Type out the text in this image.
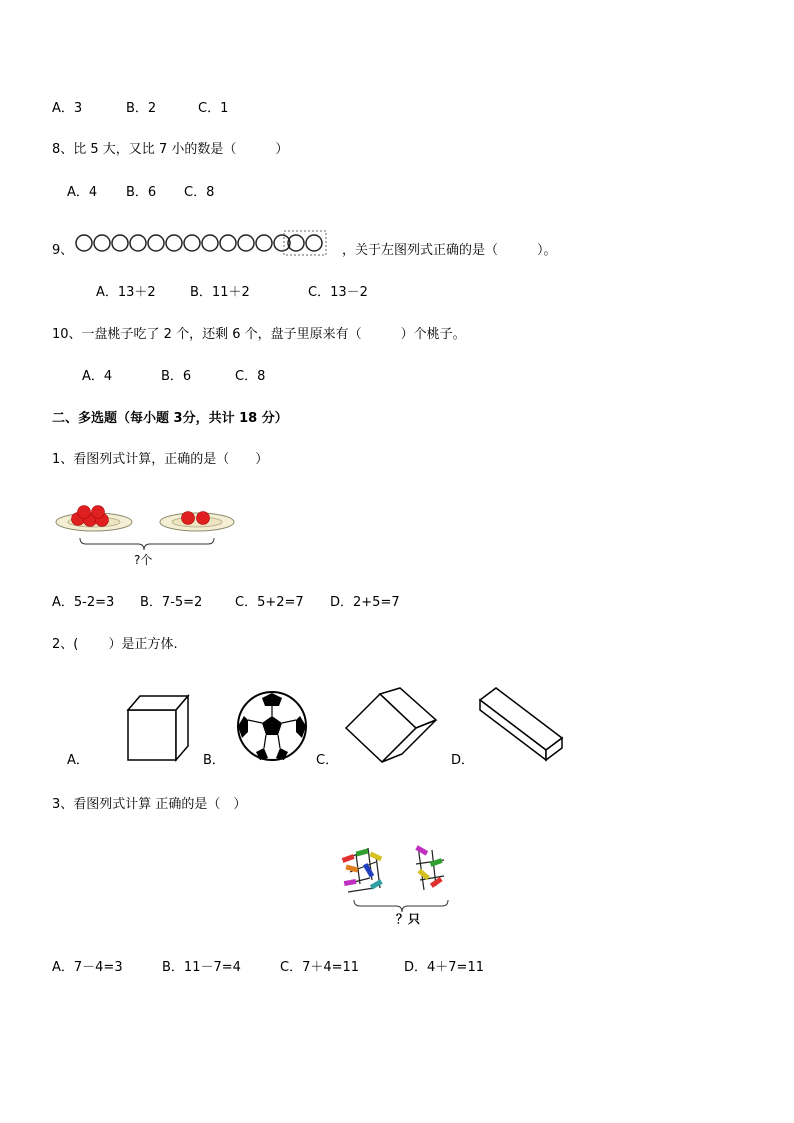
A．3	B．2	C．1
8、比 5 大，又比 7 小的数是（　　　）
A．4 B．6 C．8
9、	，关于左图列式正确的是（　　　）。
A．13＋2	B．11＋2	C．13－2
10、一盘桃子吃了 2 个，还剩 6 个，盘子里原来有（　　　）个桃子。
A．4	B．6	C．8
二、多选题（每小题 3分，共计 18 分）
1、看图列式计算，正确的是（　　）
?个
A．5-2=3 B．7-5=2	C．5+2=7 D．2+5=7
2、(　　 ）是正方体.
A．	B．	C．	D．
3、看图列式计算 正确的是（　）
？只
A．7－4=3	B．11－7=4	C．7＋4=11	D．4＋7=11
